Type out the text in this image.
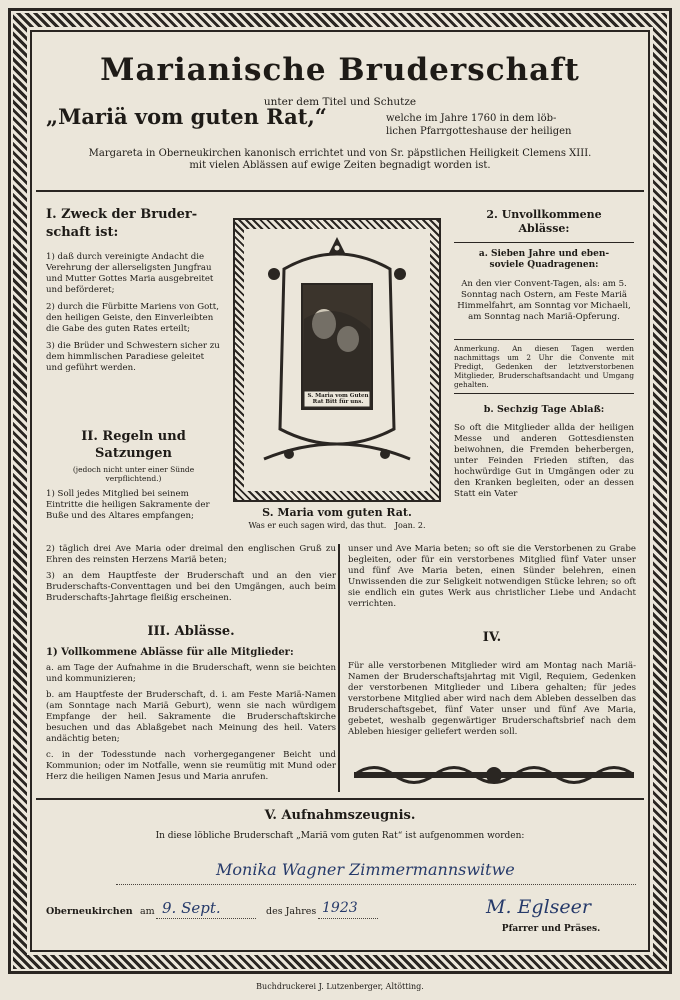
Marianische Bruderschaft
unter dem Titel und Schutze
„Mariä vom guten Rat,“	welche im Jahre 1760 in dem löb-
lichen Pfarrgotteshause der heiligen
Margareta in Oberneukirchen kanonisch errichtet und von Sr. päpstlichen Heiligkeit Clemens XIII.
mit vielen Ablässen auf ewige Zeiten begnadigt worden ist.
I. Zweck der Bruder-
schaft ist:
1) daß durch vereinigte Andacht die Verehrung der allerseligsten Jungfrau und Mutter Gottes Maria ausgebreitet und beförderet;
2) durch die Fürbitte Mariens von Gott, den heiligen Geiste, den Einverleibten die Gabe des guten Rates erteilt;
3) die Brüder und Schwestern sicher zu dem himmlischen Paradiese geleitet und geführt werden.
II. Regeln und
Satzungen
(jedoch nicht unter einer Sünde verpflichtend.)
1) Soll jedes Mitglied bei seinem Eintritte die heiligen Sakramente der Buße und des Altares empfangen;
2) täglich drei Ave Maria oder dreimal den englischen Gruß zu Ehren des reinsten Herzens Mariä beten;
3) an dem Hauptfeste der Bruderschaft und an den vier Bruderschafts-Conventtagen und bei den Umgängen, auch beim Bruderschafts-Jahrtage fleißig erscheinen.
S. Maria vom Guten Rat Bitt für uns.
S. Maria vom guten Rat.
Was er euch sagen wird, das thut. Joan. 2.
2. Unvollkommene
Ablässe:
a. Sieben Jahre und eben-
soviele Quadragenen:
An den vier Convent-Tagen, als: am 5. Sonntag nach Ostern, am Feste Mariä Himmelfahrt, am Sonntag vor Michaeli, am Sonntag nach Mariä-Opferung.
Anmerkung. An diesen Tagen werden nachmittags um 2 Uhr die Convente mit Predigt, Gedenken der letztverstorbenen Mitglieder, Bruderschaftsandacht und Umgang gehalten.
b. Sechzig Tage Ablaß:
So oft die Mitglieder allda der heiligen Messe und anderen Gottesdiensten beiwohnen, die Fremden beherbergen, unter Feinden Frieden stiften, das hochwürdige Gut in Umgängen oder zu den Kranken begleiten, oder an dessen Statt ein Vater
unser und Ave Maria beten; so oft sie die Verstorbenen zu Grabe begleiten, oder für ein verstorbenes Mitglied fünf Vater unser und fünf Ave Maria beten, einen Sünder belehren, einen Unwissenden die zur Seligkeit notwendigen Stücke lehren; so oft sie endlich ein gutes Werk aus christlicher Liebe und Andacht verrichten.
III. Ablässe.
1) Vollkommene Ablässe für alle Mitglieder:
a. am Tage der Aufnahme in die Bruderschaft, wenn sie beichten und kommunizieren;
b. am Hauptfeste der Bruderschaft, d. i. am Feste Mariä-Namen (am Sonntage nach Mariä Geburt), wenn sie nach würdigem Empfange der heil. Sakramente die Bruderschaftskirche besuchen und das Ablaßgebet nach Meinung des heil. Vaters andächtig beten;
c. in der Todesstunde nach vorhergegangener Beicht und Kommunion; oder im Notfalle, wenn sie reumütig mit Mund oder Herz die heiligen Namen Jesus und Maria anrufen.
IV.
Für alle verstorbenen Mitglieder wird am Montag nach Mariä-Namen der Bruderschaftsjahrtag mit Vigil, Requiem, Gedenken der verstorbenen Mitglieder und Libera gehalten; für jedes verstorbene Mitglied aber wird nach dem Ableben desselben das Bruderschaftsgebet, fünf Vater unser und fünf Ave Maria, gebetet, weshalb gegenwärtiger Bruderschaftsbrief nach dem Ableben hiesiger geliefert werden soll.
V. Aufnahmszeugnis.
In diese löbliche Bruderschaft „Mariä vom guten Rat“ ist aufgenommen worden:
Monika Wagner Zimmermannswitwe
Oberneukirchen am 9. Sept.	des Jahres 1923	M. Eglseer
Pfarrer und Präses.
Buchdruckerei J. Lutzenberger, Altötting.
